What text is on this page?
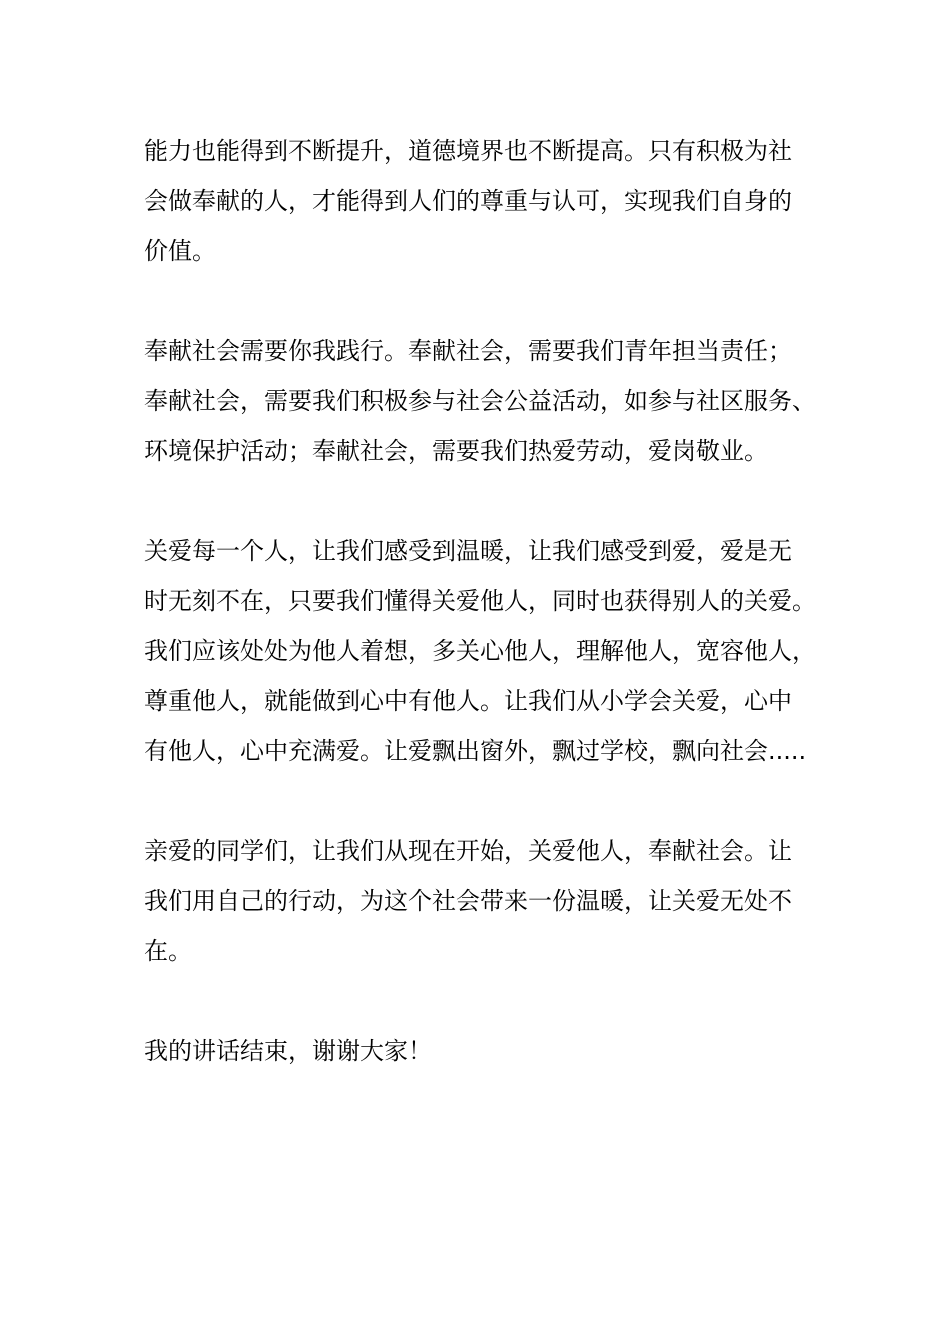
能力也能得到不断提升，道德境界也不断提高。只有积极为社
会做奉献的人，才能得到人们的尊重与认可，实现我们自身的
价值。
奉献社会需要你我践行。奉献社会，需要我们青年担当责任；
奉献社会，需要我们积极参与社会公益活动，如参与社区服务、
环境保护活动；奉献社会，需要我们热爱劳动，爱岗敬业。
关爱每一个人，让我们感受到温暖，让我们感受到爱，爱是无
时无刻不在，只要我们懂得关爱他人，同时也获得别人的关爱。
我们应该处处为他人着想，多关心他人，理解他人，宽容他人，
尊重他人，就能做到心中有他人。让我们从小学会关爱，心中
有他人，心中充满爱。让爱飘出窗外，飘过学校，飘向社会.....
亲爱的同学们，让我们从现在开始，关爱他人，奉献社会。让
我们用自己的行动，为这个社会带来一份温暖，让关爱无处不
在。
我的讲话结束，谢谢大家！
